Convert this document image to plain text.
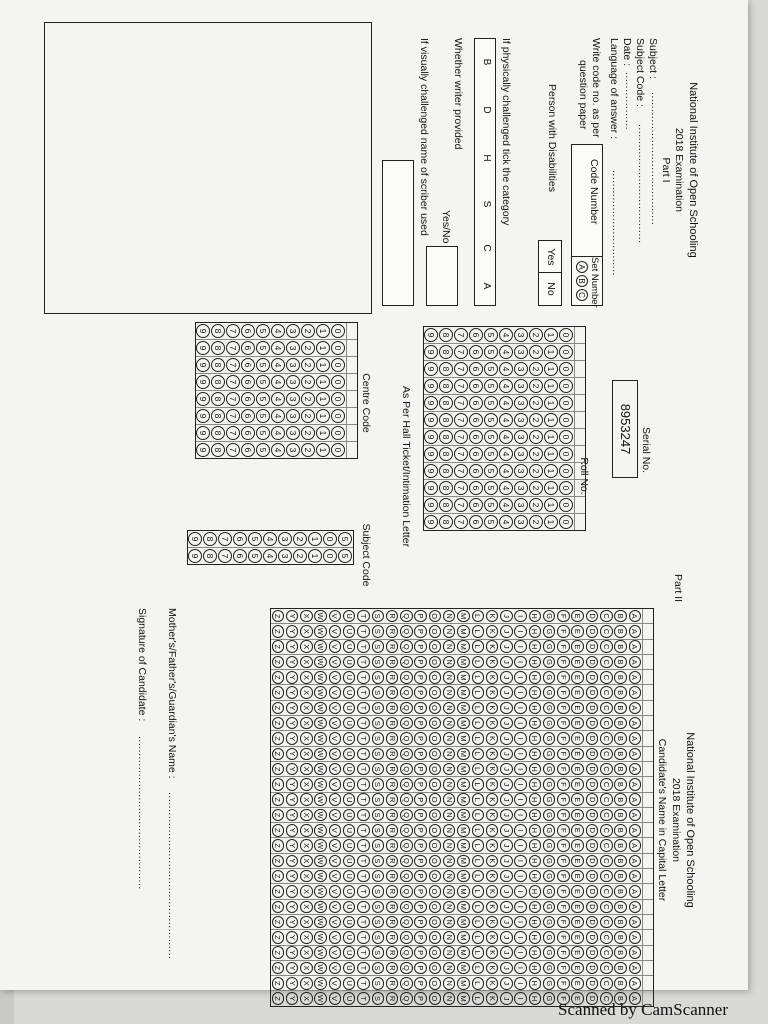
National Institute of Open Schooling
2018 Examination
Part I
Subject :
.......................................
Subject Code :
...................................
Date :
.................
Language of answer :
...............................
Write code no. as per
question paper
Code Number
Set Number
A
B
C
Person with Disabilities
Yes
No
If physically challenged tick the category
B
D
H
S
C
A
Whether writer provided
Yes/No
If visually challenged name of scriber used
Serial No.
8953247
Roll No.
As Per Hall Ticket/Intimation Letter
0
1
2
3
4
5
6
7
8
9
0
1
2
3
4
5
6
7
8
9
0
1
2
3
4
5
6
7
8
9
0
1
2
3
4
5
6
7
8
9
0
1
2
3
4
5
6
7
8
9
0
1
2
3
4
5
6
7
8
9
0
1
2
3
4
5
6
7
8
9
0
1
2
3
4
5
6
7
8
9
0
1
2
3
4
5
6
7
8
9
0
1
2
3
4
5
6
7
8
9
0
1
2
3
4
5
6
7
8
9
0
1
2
3
4
5
6
7
8
9
Centre Code
0
1
2
3
4
5
6
7
8
9
0
1
2
3
4
5
6
7
8
9
0
1
2
3
4
5
6
7
8
9
0
1
2
3
4
5
6
7
8
9
0
1
2
3
4
5
6
7
8
9
0
1
2
3
4
5
6
7
8
9
0
1
2
3
4
5
6
7
8
9
0
1
2
3
4
5
6
7
8
9
Subject Code
5
0
1
2
3
4
5
6
7
8
9
5
0
1
2
3
4
5
6
7
8
9
Part II
National Institute of Open Schooling
2018 Examination
Candidate's Name in Capital Letter
A
B
C
D
E
F
G
H
I
J
K
L
M
N
O
P
Q
R
S
T
U
V
W
X
Y
Z
A
B
C
D
E
F
G
H
I
J
K
L
M
N
O
P
Q
R
S
T
U
V
W
X
Y
Z
A
B
C
D
E
F
G
H
I
J
K
L
M
N
O
P
Q
R
S
T
U
V
W
X
Y
Z
A
B
C
D
E
F
G
H
I
J
K
L
M
N
O
P
Q
R
S
T
U
V
W
X
Y
Z
A
B
C
D
E
F
G
H
I
J
K
L
M
N
O
P
Q
R
S
T
U
V
W
X
Y
Z
A
B
C
D
E
F
G
H
I
J
K
L
M
N
O
P
Q
R
S
T
U
V
W
X
Y
Z
A
B
C
D
E
F
G
H
I
J
K
L
M
N
O
P
Q
R
S
T
U
V
W
X
Y
Z
A
B
C
D
E
F
G
H
I
J
K
L
M
N
O
P
Q
R
S
T
U
V
W
X
Y
Z
A
B
C
D
E
F
G
H
I
J
K
L
M
N
O
P
Q
R
S
T
U
V
W
X
Y
Z
A
B
C
D
E
F
G
H
I
J
K
L
M
N
O
P
Q
R
S
T
U
V
W
X
Y
Z
A
B
C
D
E
F
G
H
I
J
K
L
M
N
O
P
Q
R
S
T
U
V
W
X
Y
Z
A
B
C
D
E
F
G
H
I
J
K
L
M
N
O
P
Q
R
S
T
U
V
W
X
Y
Z
A
B
C
D
E
F
G
H
I
J
K
L
M
N
O
P
Q
R
S
T
U
V
W
X
Y
Z
A
B
C
D
E
F
G
H
I
J
K
L
M
N
O
P
Q
R
S
T
U
V
W
X
Y
Z
A
B
C
D
E
F
G
H
I
J
K
L
M
N
O
P
Q
R
S
T
U
V
W
X
Y
Z
A
B
C
D
E
F
G
H
I
J
K
L
M
N
O
P
Q
R
S
T
U
V
W
X
Y
Z
A
B
C
D
E
F
G
H
I
J
K
L
M
N
O
P
Q
R
S
T
U
V
W
X
Y
Z
A
B
C
D
E
F
G
H
I
J
K
L
M
N
O
P
Q
R
S
T
U
V
W
X
Y
Z
A
B
C
D
E
F
G
H
I
J
K
L
M
N
O
P
Q
R
S
T
U
V
W
X
Y
Z
A
B
C
D
E
F
G
H
I
J
K
L
M
N
O
P
Q
R
S
T
U
V
W
X
Y
Z
A
B
C
D
E
F
G
H
I
J
K
L
M
N
O
P
Q
R
S
T
U
V
W
X
Y
Z
A
B
C
D
E
F
G
H
I
J
K
L
M
N
O
P
Q
R
S
T
U
V
W
X
Y
Z
A
B
C
D
E
F
G
H
I
J
K
L
M
N
O
P
Q
R
S
T
U
V
W
X
Y
Z
A
B
C
D
E
F
G
H
I
J
K
L
M
N
O
P
Q
R
S
T
U
V
W
X
Y
Z
A
B
C
D
E
F
G
H
I
J
K
L
M
N
O
P
Q
R
S
T
U
V
W
X
Y
Z
A
B
C
D
E
F
G
H
I
J
K
L
M
N
O
P
Q
R
S
T
U
V
W
X
Y
Z
Mother's/Father's/Guardian's Name :
.................................................
Signature of Candidate :
.............................................
Scanned by CamScanner
